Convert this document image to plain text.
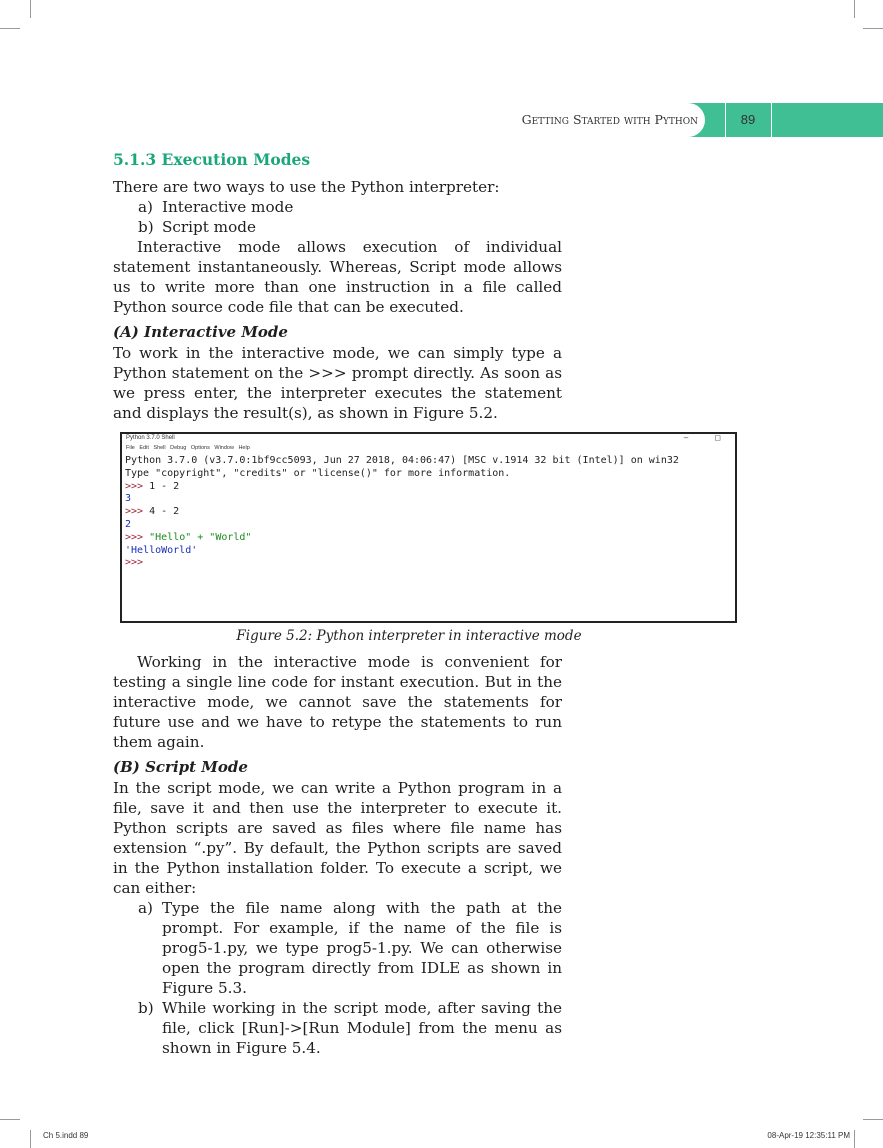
Getting Started with Python	89
5.1.3 Execution Modes
There are two ways to use the Python interpreter:
a) Interactive mode
b) Script mode
Interactive mode allows execution of individual statement instantaneously. Whereas, Script mode allows us to write more than one instruction in a file called Python source code file that can be executed.
(A) Interactive Mode
To work in the interactive mode, we can simply type a Python statement on the >>> prompt directly. As soon as we press enter, the interpreter executes the statement and displays the result(s), as shown in Figure 5.2.
Python 3.7.0 Shell	– ◻
File Edit Shell Debug Options Window Help
Python 3.7.0 (v3.7.0:1bf9cc5093, Jun 27 2018, 04:06:47) [MSC v.1914 32 bit (Intel)] on win32
Type "copyright", "credits" or "license()" for more information.
>>> 1 - 2
3
>>> 4 - 2
2
>>> "Hello" + "World"
'HelloWorld'
>>>
Figure 5.2: Python interpreter in interactive mode
Working in the interactive mode is convenient for testing a single line code for instant execution. But in the interactive mode, we cannot save the statements for future use and we have to retype the statements to run them again.
(B) Script Mode
In the script mode, we can write a Python program in a file, save it and then use the interpreter to execute it. Python scripts are saved as files where file name has extension “.py”. By default, the Python scripts are saved in the Python installation folder. To execute a script, we can either:
a) Type the file name along with the path at the prompt. For example, if the name of the file is prog5-1.py, we type prog5-1.py. We can otherwise open the program directly from IDLE as shown in Figure 5.3.
b) While working in the script mode, after saving the file, click [Run]->[Run Module] from the menu as shown in Figure 5.4.
Ch 5.indd 89	08-Apr-19 12:35:11 PM
